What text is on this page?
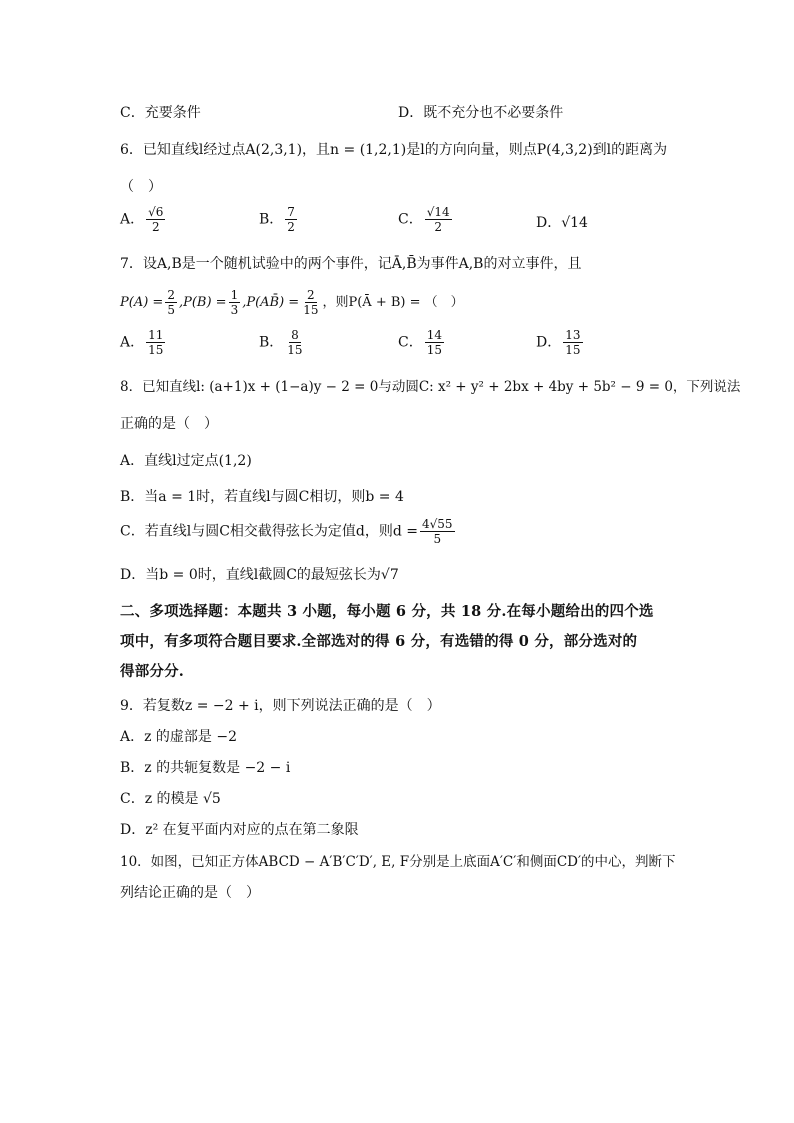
C．充要条件	D．既不充分也不必要条件
6．已知直线l经过点A(2,3,1)，且n = (1,2,1)是l的方向向量，则点P(4,3,2)到l的距离为
（　）
A． $\frac{√6}{2}$	B． $\frac{7}{2}$	C． $\frac{√14}{2}$	D．√14
7．设A,B是一个随机试验中的两个事件，记Ā,B̄为事件A,B的对立事件，且
$P(A) = \frac{2}{5} ,P(B) = \frac{1}{3}$ ,P(AB̄) = $\frac{2}{15}$ ，则P(Ā + B) = （　）
A． $\frac{11}{15}$	B． $\frac{8}{15}$	C． $\frac{14}{15}$	D． $\frac{13}{15}$
8．已知直线l: (a+1)x + (1−a)y − 2 = 0与动圆C: x² + y² + 2bx + 4by + 5b² − 9 = 0，下列说法
正确的是（　）
A．直线l过定点(1,2)
B．当a = 1时，若直线l与圆C相切，则b = 4
C．若直线l与圆C相交截得弦长为定值d，则$d = \frac{4√55}{5}$
D．当b = 0时，直线l截圆C的最短弦长为√7
二、多项选择题：本题共 3 小题，每小题 6 分，共 18 分.在每小题给出的四个选
项中，有多项符合题目要求.全部选对的得 6 分，有选错的得 0 分，部分选对的
得部分分.
9．若复数z = −2 + i，则下列说法正确的是（　）
A．z 的虚部是 −2
B．z 的共轭复数是 −2 − i
C．z 的模是 √5
D．z² 在复平面内对应的点在第二象限
10．如图，已知正方体ABCD − A′B′C′D′, E, F分别是上底面A′C′和侧面CD′的中心，判断下
列结论正确的是（　）
